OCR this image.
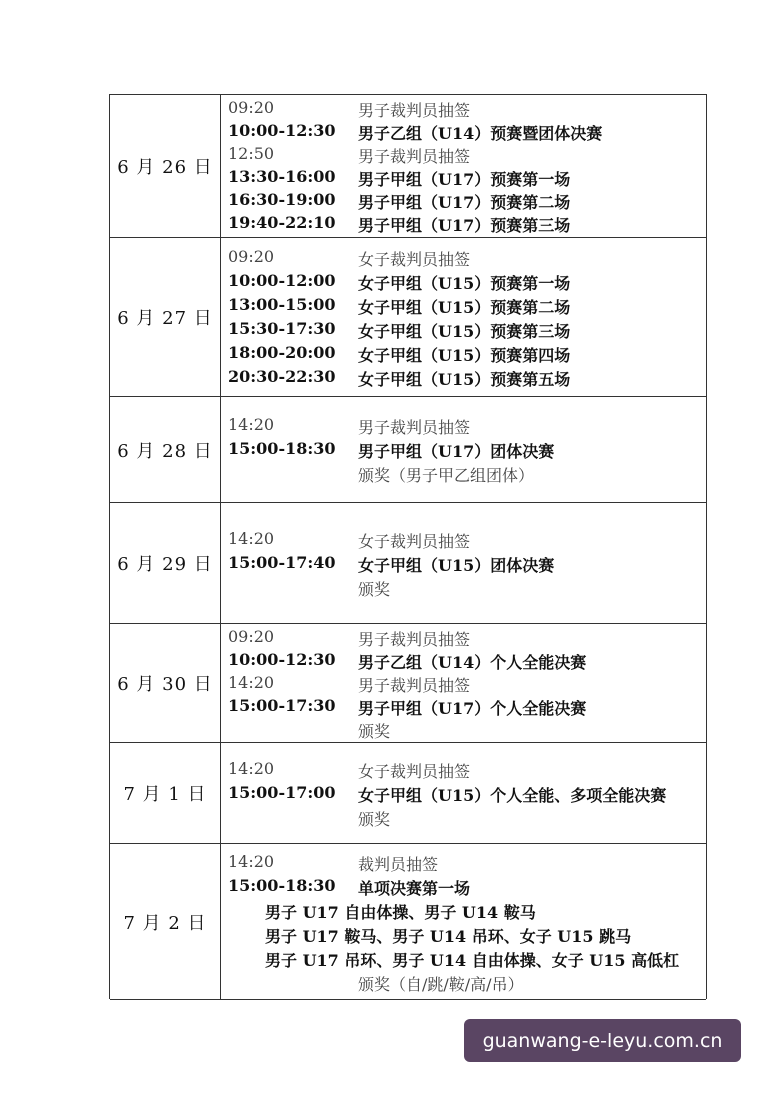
6 月 26 日
09:20	男子裁判员抽签
10:00-12:30 男子乙组（U14）预赛暨团体决赛
12:50	男子裁判员抽签
13:30-16:00 男子甲组（U17）预赛第一场
16:30-19:00 男子甲组（U17）预赛第二场
19:40-22:10 男子甲组（U17）预赛第三场
6 月 27 日
09:20	女子裁判员抽签
10:00-12:00 女子甲组（U15）预赛第一场
13:00-15:00 女子甲组（U15）预赛第二场
15:30-17:30 女子甲组（U15）预赛第三场
18:00-20:00 女子甲组（U15）预赛第四场
20:30-22:30 女子甲组（U15）预赛第五场
6 月 28 日
14:20	男子裁判员抽签
15:00-18:30 男子甲组（U17）团体决赛
颁奖（男子甲乙组团体）
6 月 29 日
14:20	女子裁判员抽签
15:00-17:40 女子甲组（U15）团体决赛
颁奖
6 月 30 日
09:20	男子裁判员抽签
10:00-12:30 男子乙组（U14）个人全能决赛
14:20	男子裁判员抽签
15:00-17:30 男子甲组（U17）个人全能决赛
颁奖
7 月 1 日
14:20	女子裁判员抽签
15:00-17:00 女子甲组（U15）个人全能、多项全能决赛
颁奖
7 月 2 日
14:20	裁判员抽签
15:00-18:30 单项决赛第一场
男子 U17 自由体操、男子 U14 鞍马
男子 U17 鞍马、男子 U14 吊环、女子 U15 跳马
男子 U17 吊环、男子 U14 自由体操、女子 U15 高低杠
颁奖（自/跳/鞍/高/吊）
guanwang-e-leyu.com.cn
